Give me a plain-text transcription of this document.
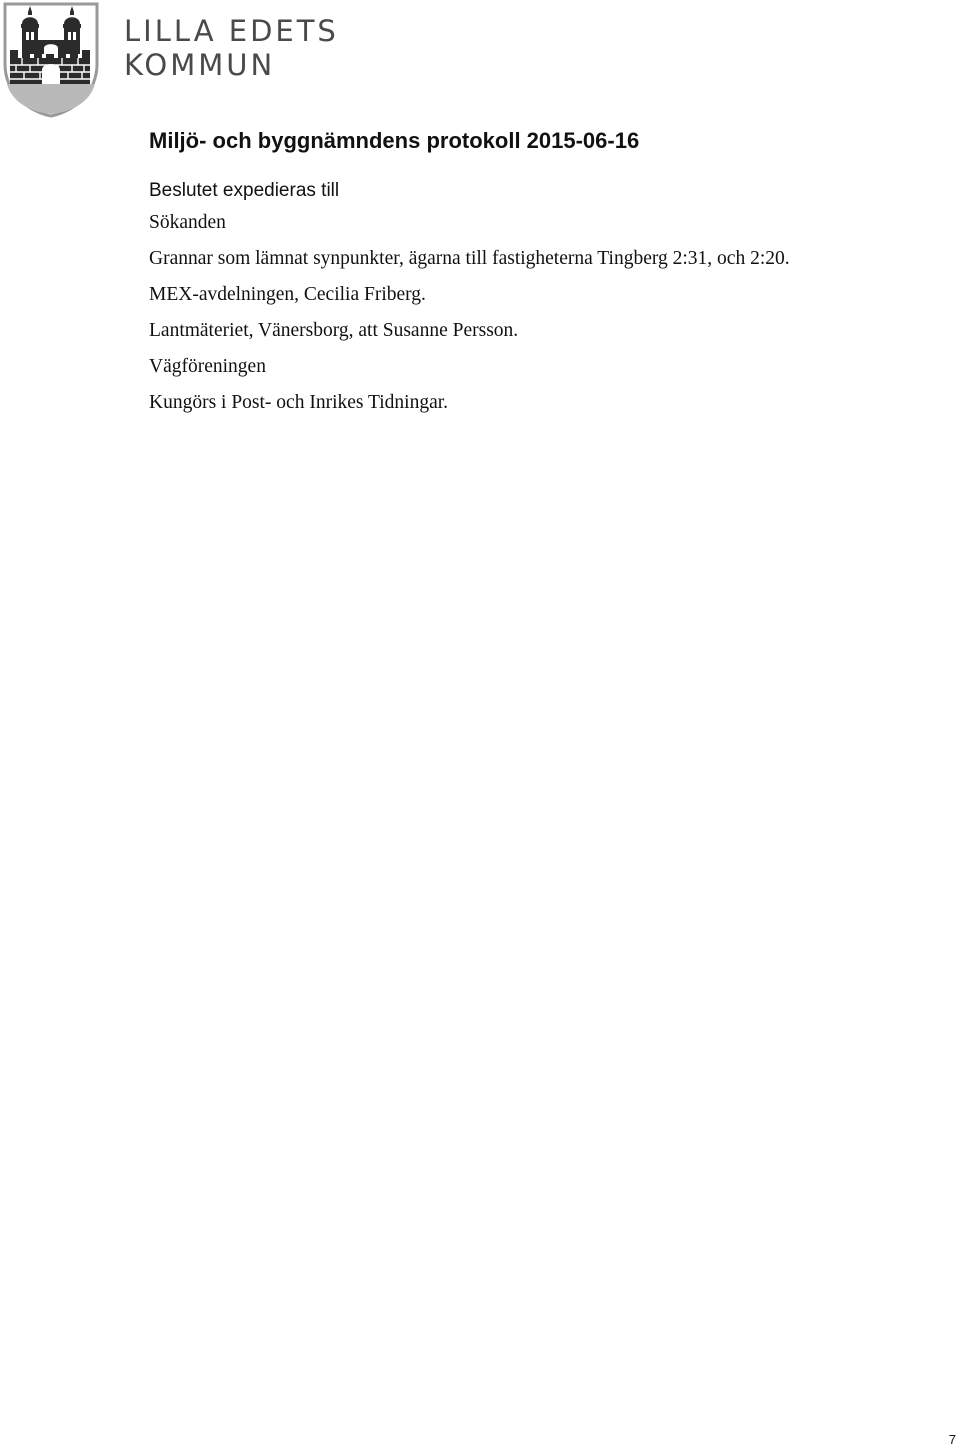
LILLA EDETS
KOMMUN
Miljö- och byggnämndens protokoll 2015-06-16
Beslutet expedieras till
Sökanden
Grannar som lämnat synpunkter, ägarna till fastigheterna Tingberg 2:31, och 2:20.
MEX-avdelningen, Cecilia Friberg.
Lantmäteriet, Vänersborg, att Susanne Persson.
Vägföreningen
Kungörs i Post- och Inrikes Tidningar.
7
